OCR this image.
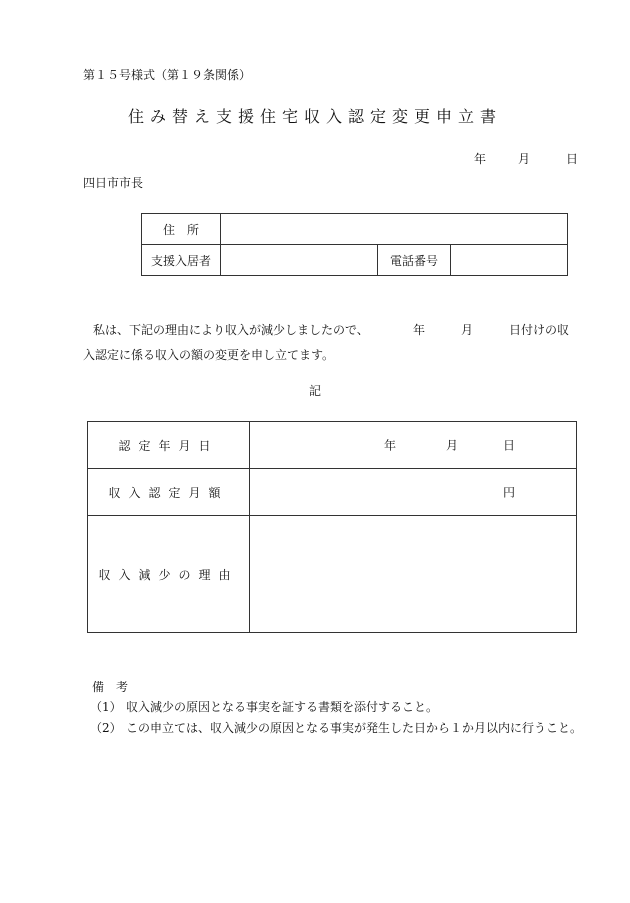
第１５号様式（第１９条関係）
住み替え支援住宅収入認定変更申立書
年	月	日
四日市市長
住　所			
支援入居者		電話番号	
私は、下記の理由により収入が減少しましたので、	年	月	日付けの収
入認定に係る収入の額の変更を申し立てます。
記
認定年月日	年 月 日

収入認定月額	円

収入減少の理由	
備考
（1） 収入減少の原因となる事実を証する書類を添付すること。
（2） この申立ては、収入減少の原因となる事実が発生した日から１か月以内に行うこと。
